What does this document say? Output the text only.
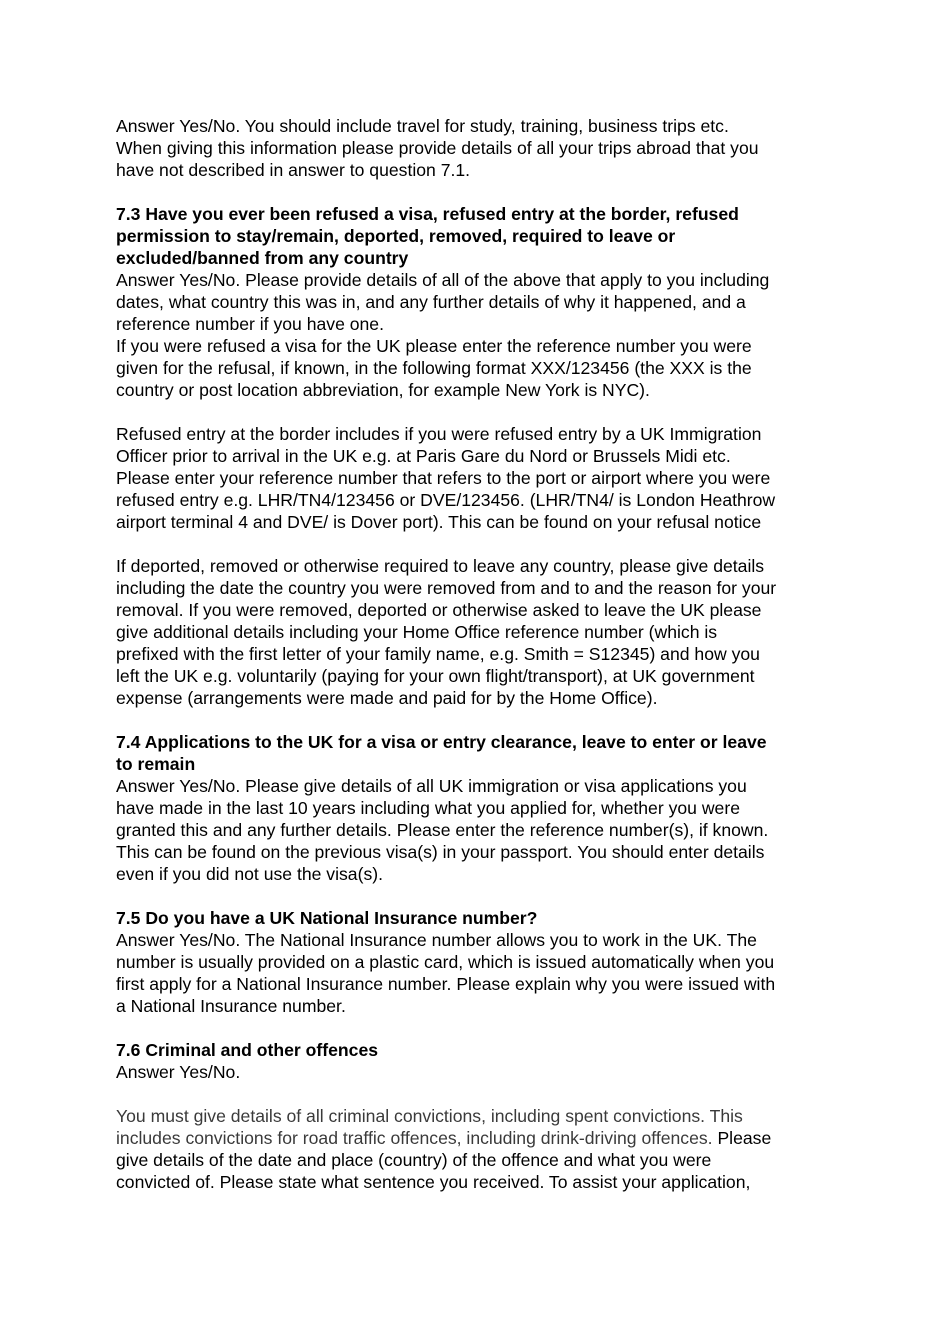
Answer Yes/No. You should include travel for study, training, business trips etc.
When giving this information please provide details of all your trips abroad that you
have not described in answer to question 7.1.
7.3 Have you ever been refused a visa, refused entry at the border, refused
permission to stay/remain, deported, removed, required to leave or
excluded/banned from any country
Answer Yes/No. Please provide details of all of the above that apply to you including
dates, what country this was in, and any further details of why it happened, and a
reference number if you have one.
If you were refused a visa for the UK please enter the reference number you were
given for the refusal, if known, in the following format XXX/123456 (the XXX is the
country or post location abbreviation, for example New York is NYC).
Refused entry at the border includes if you were refused entry by a UK Immigration
Officer prior to arrival in the UK e.g. at Paris Gare du Nord or Brussels Midi etc.
Please enter your reference number that refers to the port or airport where you were
refused entry e.g. LHR/TN4/123456 or DVE/123456. (LHR/TN4/ is London Heathrow
airport terminal 4 and DVE/ is Dover port). This can be found on your refusal notice
If deported, removed or otherwise required to leave any country, please give details
including the date the country you were removed from and to and the reason for your
removal. If you were removed, deported or otherwise asked to leave the UK please
give additional details including your Home Office reference number (which is
prefixed with the first letter of your family name, e.g. Smith = S12345) and how you
left the UK e.g. voluntarily (paying for your own flight/transport), at UK government
expense (arrangements were made and paid for by the Home Office).
7.4 Applications to the UK for a visa or entry clearance, leave to enter or leave
to remain
Answer Yes/No. Please give details of all UK immigration or visa applications you
have made in the last 10 years including what you applied for, whether you were
granted this and any further details. Please enter the reference number(s), if known.
This can be found on the previous visa(s) in your passport. You should enter details
even if you did not use the visa(s).
7.5 Do you have a UK National Insurance number?
Answer Yes/No. The National Insurance number allows you to work in the UK. The
number is usually provided on a plastic card, which is issued automatically when you
first apply for a National Insurance number. Please explain why you were issued with
a National Insurance number.
7.6 Criminal and other offences
Answer Yes/No.
You must give details of all criminal convictions, including spent convictions. This
includes convictions for road traffic offences, including drink-driving offences. Please
give details of the date and place (country) of the offence and what you were
convicted of. Please state what sentence you received. To assist your application,
